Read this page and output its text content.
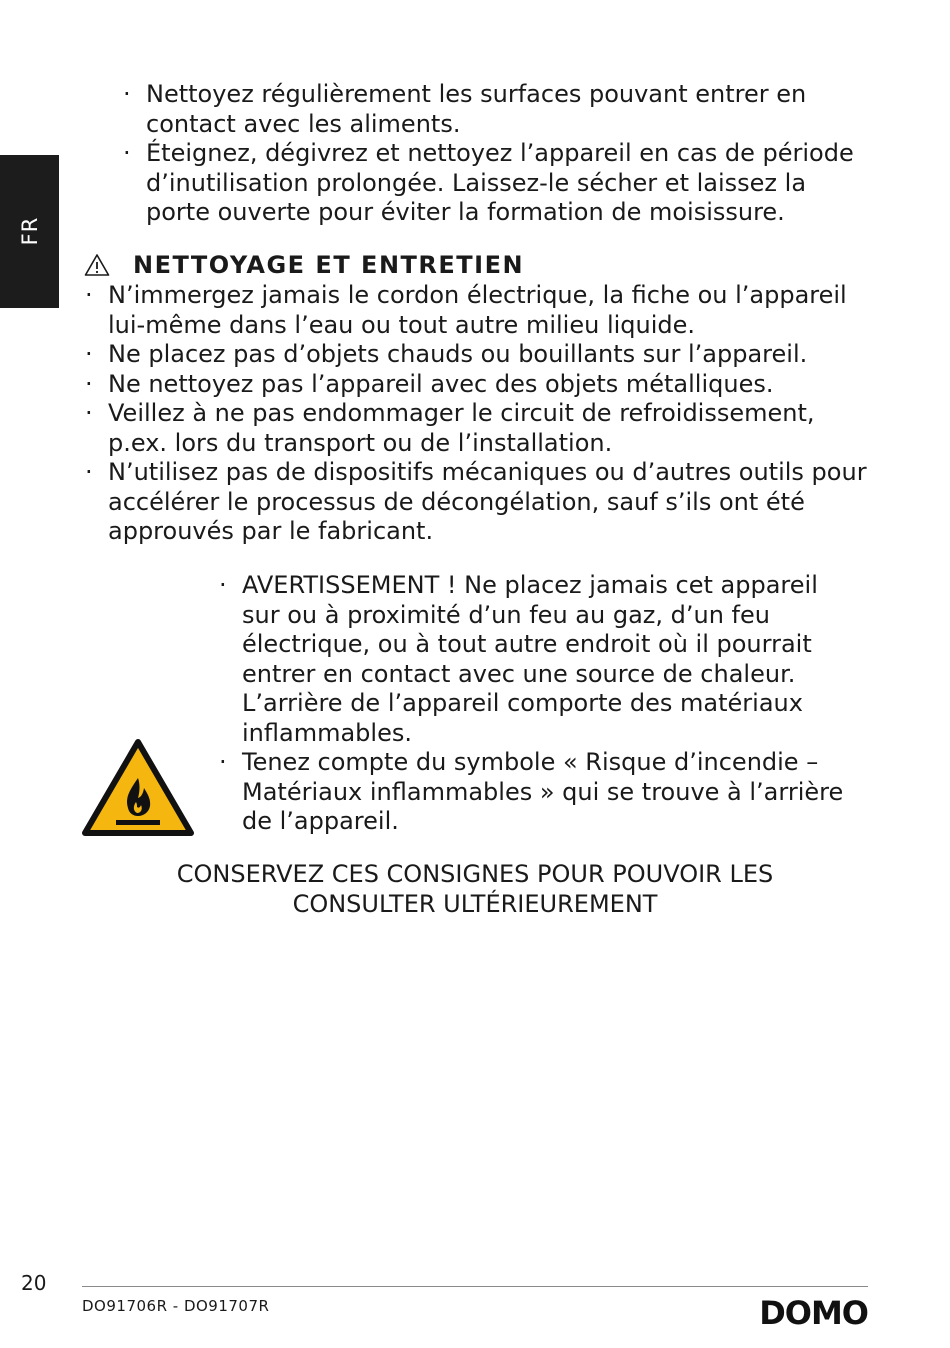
FR
· Nettoyez régulièrement les surfaces pouvant entrer en contact avec les aliments.
· Éteignez, dégivrez et nettoyez l’appareil en cas de période d’inutilisation prolongée. Laissez-le sécher et laissez la porte ouverte pour éviter la formation de moisissure.
NETTOYAGE ET ENTRETIEN
· N’immergez jamais le cordon électrique, la fiche ou l’appareil lui-même dans l’eau ou tout autre milieu liquide.
· Ne placez pas d’objets chauds ou bouillants sur l’appareil.
· Ne nettoyez pas l’appareil avec des objets métalliques.
· Veillez à ne pas endommager le circuit de refroidissement, p.ex. lors du transport ou de l’installation.
· N’utilisez pas de dispositifs mécaniques ou d’autres outils pour accélérer le processus de décongélation, sauf s’ils ont été approuvés par le fabricant.
· AVERTISSEMENT ! Ne placez jamais cet appareil sur ou à proximité d’un feu au gaz, d’un feu électrique, ou à tout autre endroit où il pourrait entrer en contact avec une source de chaleur. L’arrière de l’appareil comporte des matériaux inflammables.
· Tenez compte du symbole « Risque d’incendie – Matériaux inflammables » qui se trouve à l’arrière de l’appareil.
CONSERVEZ CES CONSIGNES POUR POUVOIR LES
CONSULTER ULTÉRIEUREMENT
20
DO91706R - DO91707R	DOMO
